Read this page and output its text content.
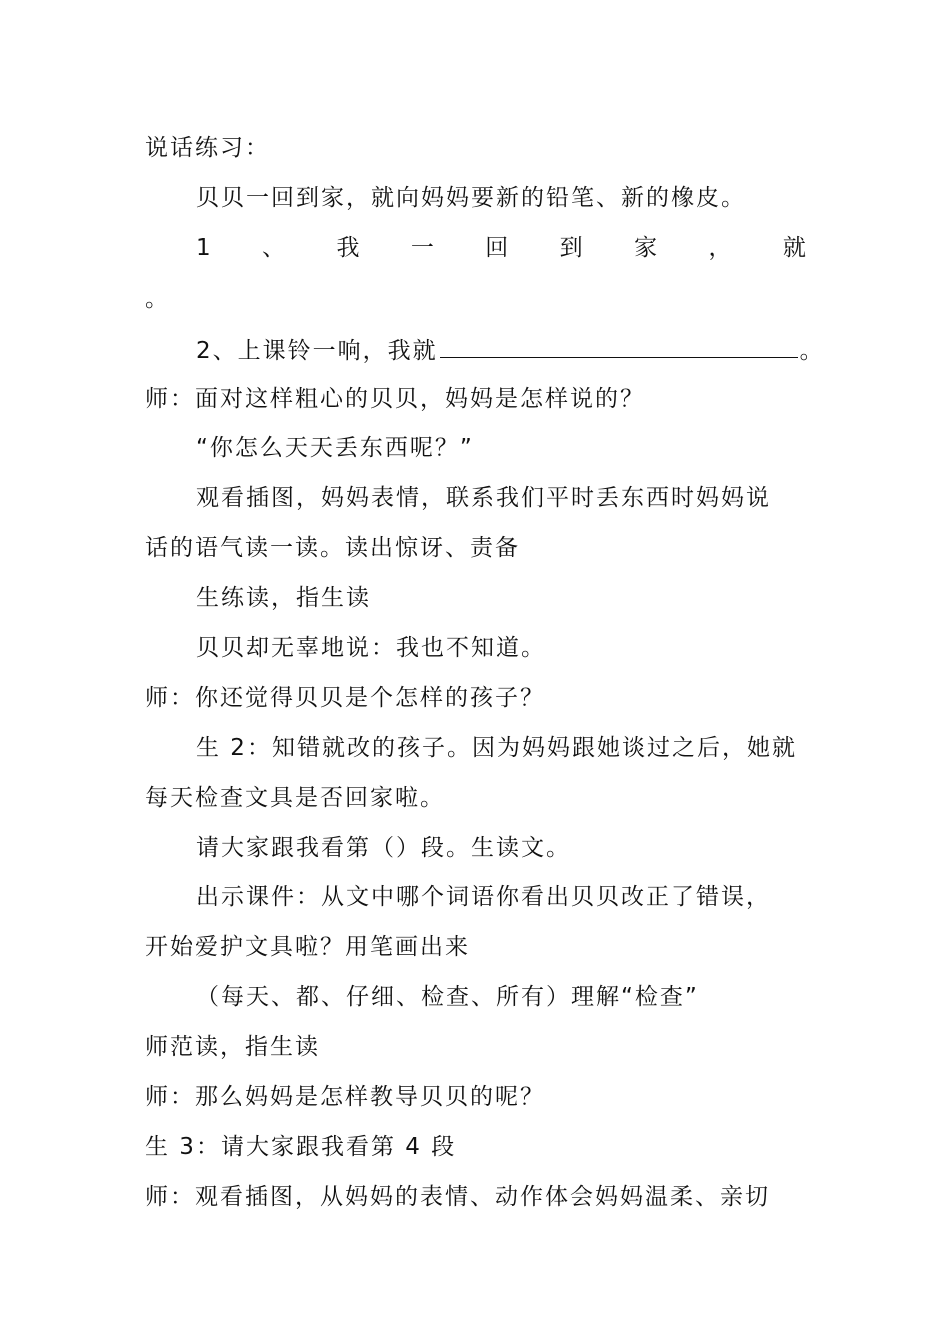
说话练习：
贝贝一回到家，就向妈妈要新的铅笔、新的橡皮。
1 、 我 一 回 到 家 ， 就
。
2、上课铃一响，我就	。
师：面对这样粗心的贝贝，妈妈是怎样说的？
“你怎么天天丢东西呢？”
观看插图，妈妈表情，联系我们平时丢东西时妈妈说
话的语气读一读。读出惊讶、责备
生练读，指生读
贝贝却无辜地说：我也不知道。
师：你还觉得贝贝是个怎样的孩子？
生 2：知错就改的孩子。因为妈妈跟她谈过之后，她就
每天检查文具是否回家啦。
请大家跟我看第（）段。生读文。
出示课件：从文中哪个词语你看出贝贝改正了错误，
开始爱护文具啦？用笔画出来
（每天、都、仔细、检查、所有）理解“检查”
师范读，指生读
师：那么妈妈是怎样教导贝贝的呢？
生 3：请大家跟我看第 4 段
师：观看插图，从妈妈的表情、动作体会妈妈温柔、亲切
